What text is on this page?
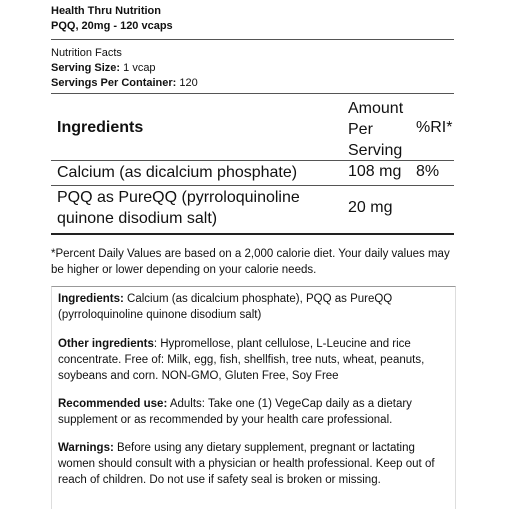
Health Thru Nutrition
PQQ, 20mg - 120 vcaps
Nutrition Facts
Serving Size: 1 vcap
Servings Per Container: 120
Ingredients
Amount
Per
Serving
%RI*
Calcium (as dicalcium phosphate)	108 mg 8%
PQQ as PureQQ (pyrroloquinoline
quinone disodium salt)
20 mg
*Percent Daily Values are based on a 2,000 calorie diet. Your daily values may be higher or lower depending on your calorie needs.
Ingredients: Calcium (as dicalcium phosphate), PQQ as PureQQ (pyrroloquinoline quinone disodium salt)
Other ingredients: Hypromellose, plant cellulose, L-Leucine and rice concentrate. Free of: Milk, egg, fish, shellfish, tree nuts, wheat, peanuts, soybeans and corn. NON-GMO, Gluten Free, Soy Free
Recommended use: Adults: Take one (1) VegeCap daily as a dietary supplement or as recommended by your health care professional.
Warnings: Before using any dietary supplement, pregnant or lactating women should consult with a physician or health professional. Keep out of reach of children. Do not use if safety seal is broken or missing.
